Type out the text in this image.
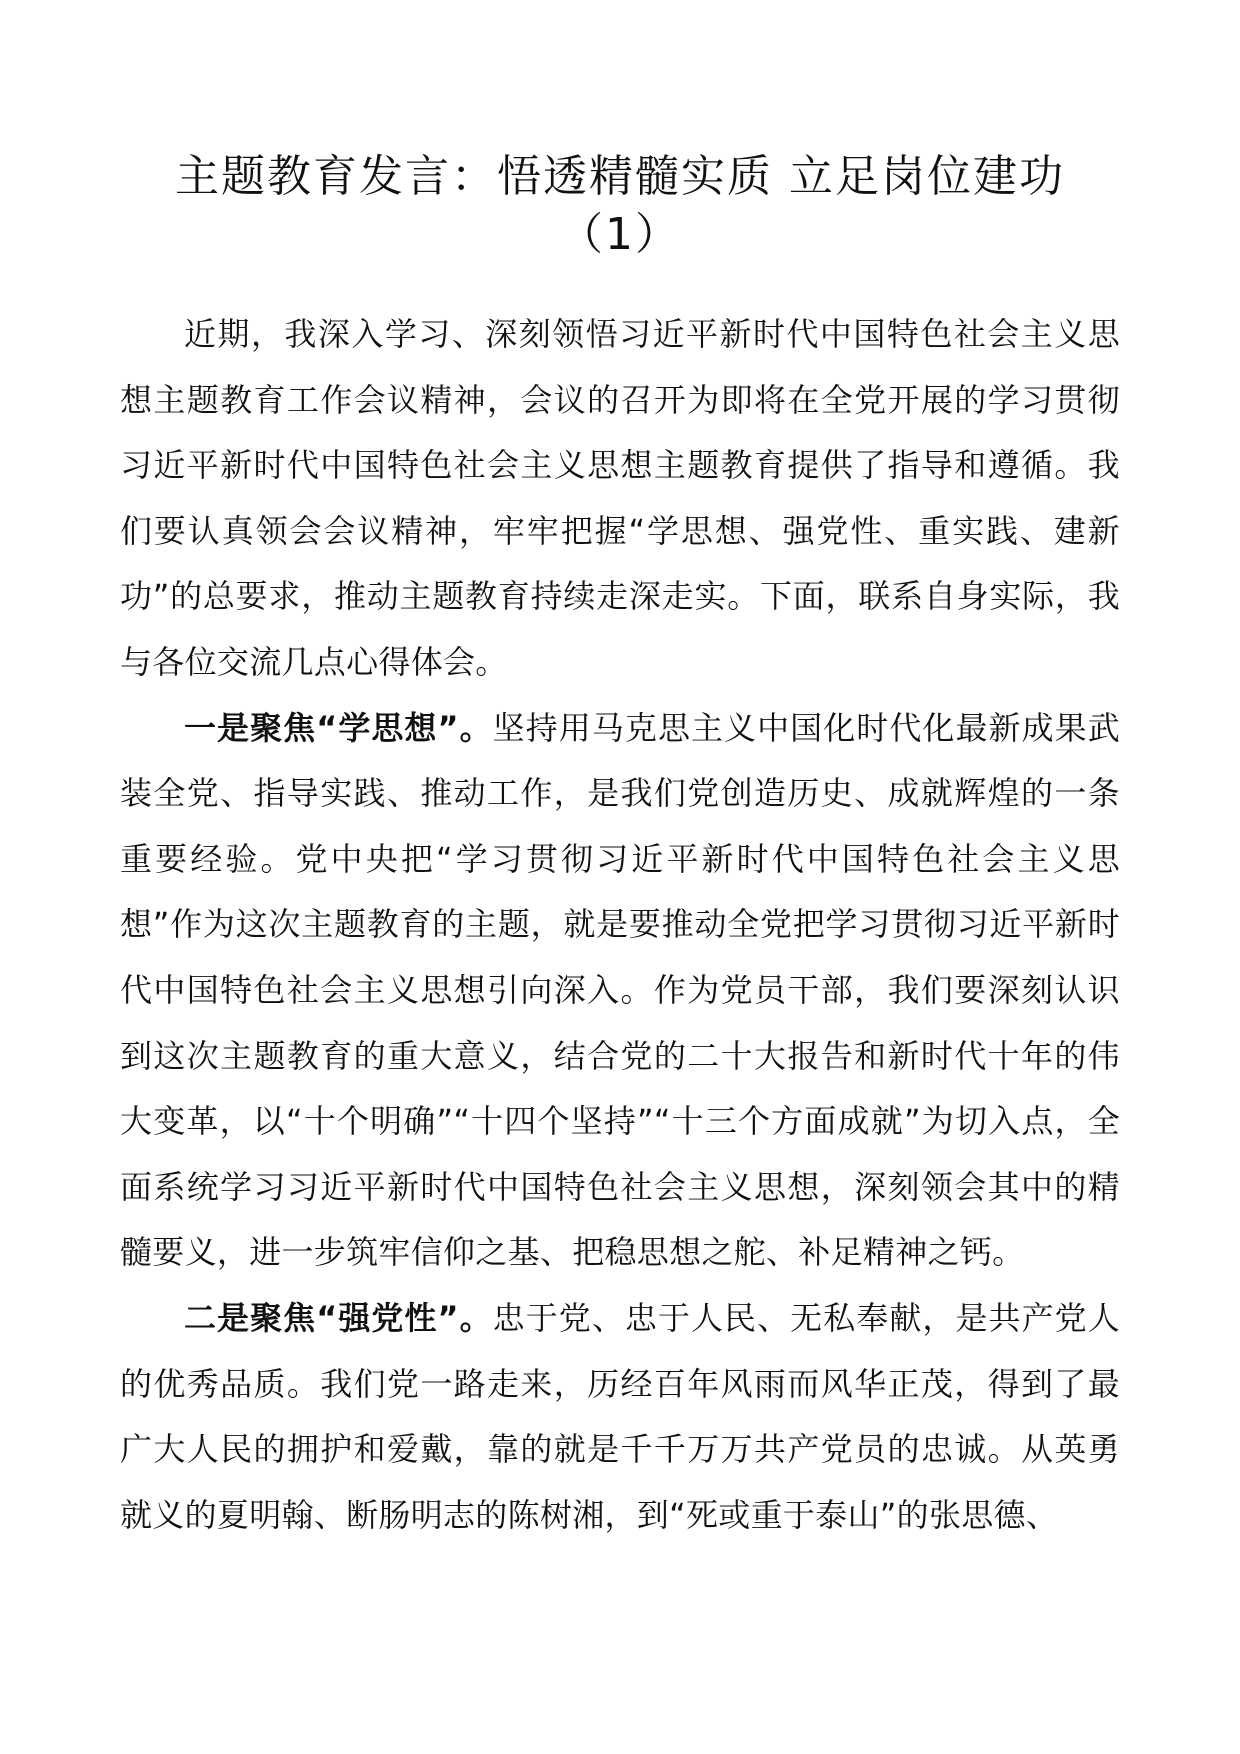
主题教育发言：悟透精髓实质 立足岗位建功
（1）

近期，我深入学习、深刻领悟习近平新时代中国特色社会主义思想主题教育工作会议精神，会议的召开为即将在全党开展的学习贯彻习近平新时代中国特色社会主义思想主题教育提供了指导和遵循。我们要认真领会会议精神，牢牢把握“学思想、强党性、重实践、建新功”的总要求，推动主题教育持续走深走实。下面，联系自身实际，我与各位交流几点心得体会。

一是聚焦“学思想”。坚持用马克思主义中国化时代化最新成果武装全党、指导实践、推动工作，是我们党创造历史、成就辉煌的一条重要经验。党中央把“学习贯彻习近平新时代中国特色社会主义思想”作为这次主题教育的主题，就是要推动全党把学习贯彻习近平新时代中国特色社会主义思想引向深入。作为党员干部，我们要深刻认识到这次主题教育的重大意义，结合党的二十大报告和新时代十年的伟大变革，以“十个明确”“十四个坚持”“十三个方面成就”为切入点，全面系统学习习近平新时代中国特色社会主义思想，深刻领会其中的精髓要义，进一步筑牢信仰之基、把稳思想之舵、补足精神之钙。

二是聚焦“强党性”。忠于党、忠于人民、无私奉献，是共产党人的优秀品质。我们党一路走来，历经百年风雨而风华正茂，得到了最广大人民的拥护和爱戴，靠的就是千千万万共产党员的忠诚。从英勇就义的夏明翰、断肠明志的陈树湘，到“死或重于泰山”的张思德、
